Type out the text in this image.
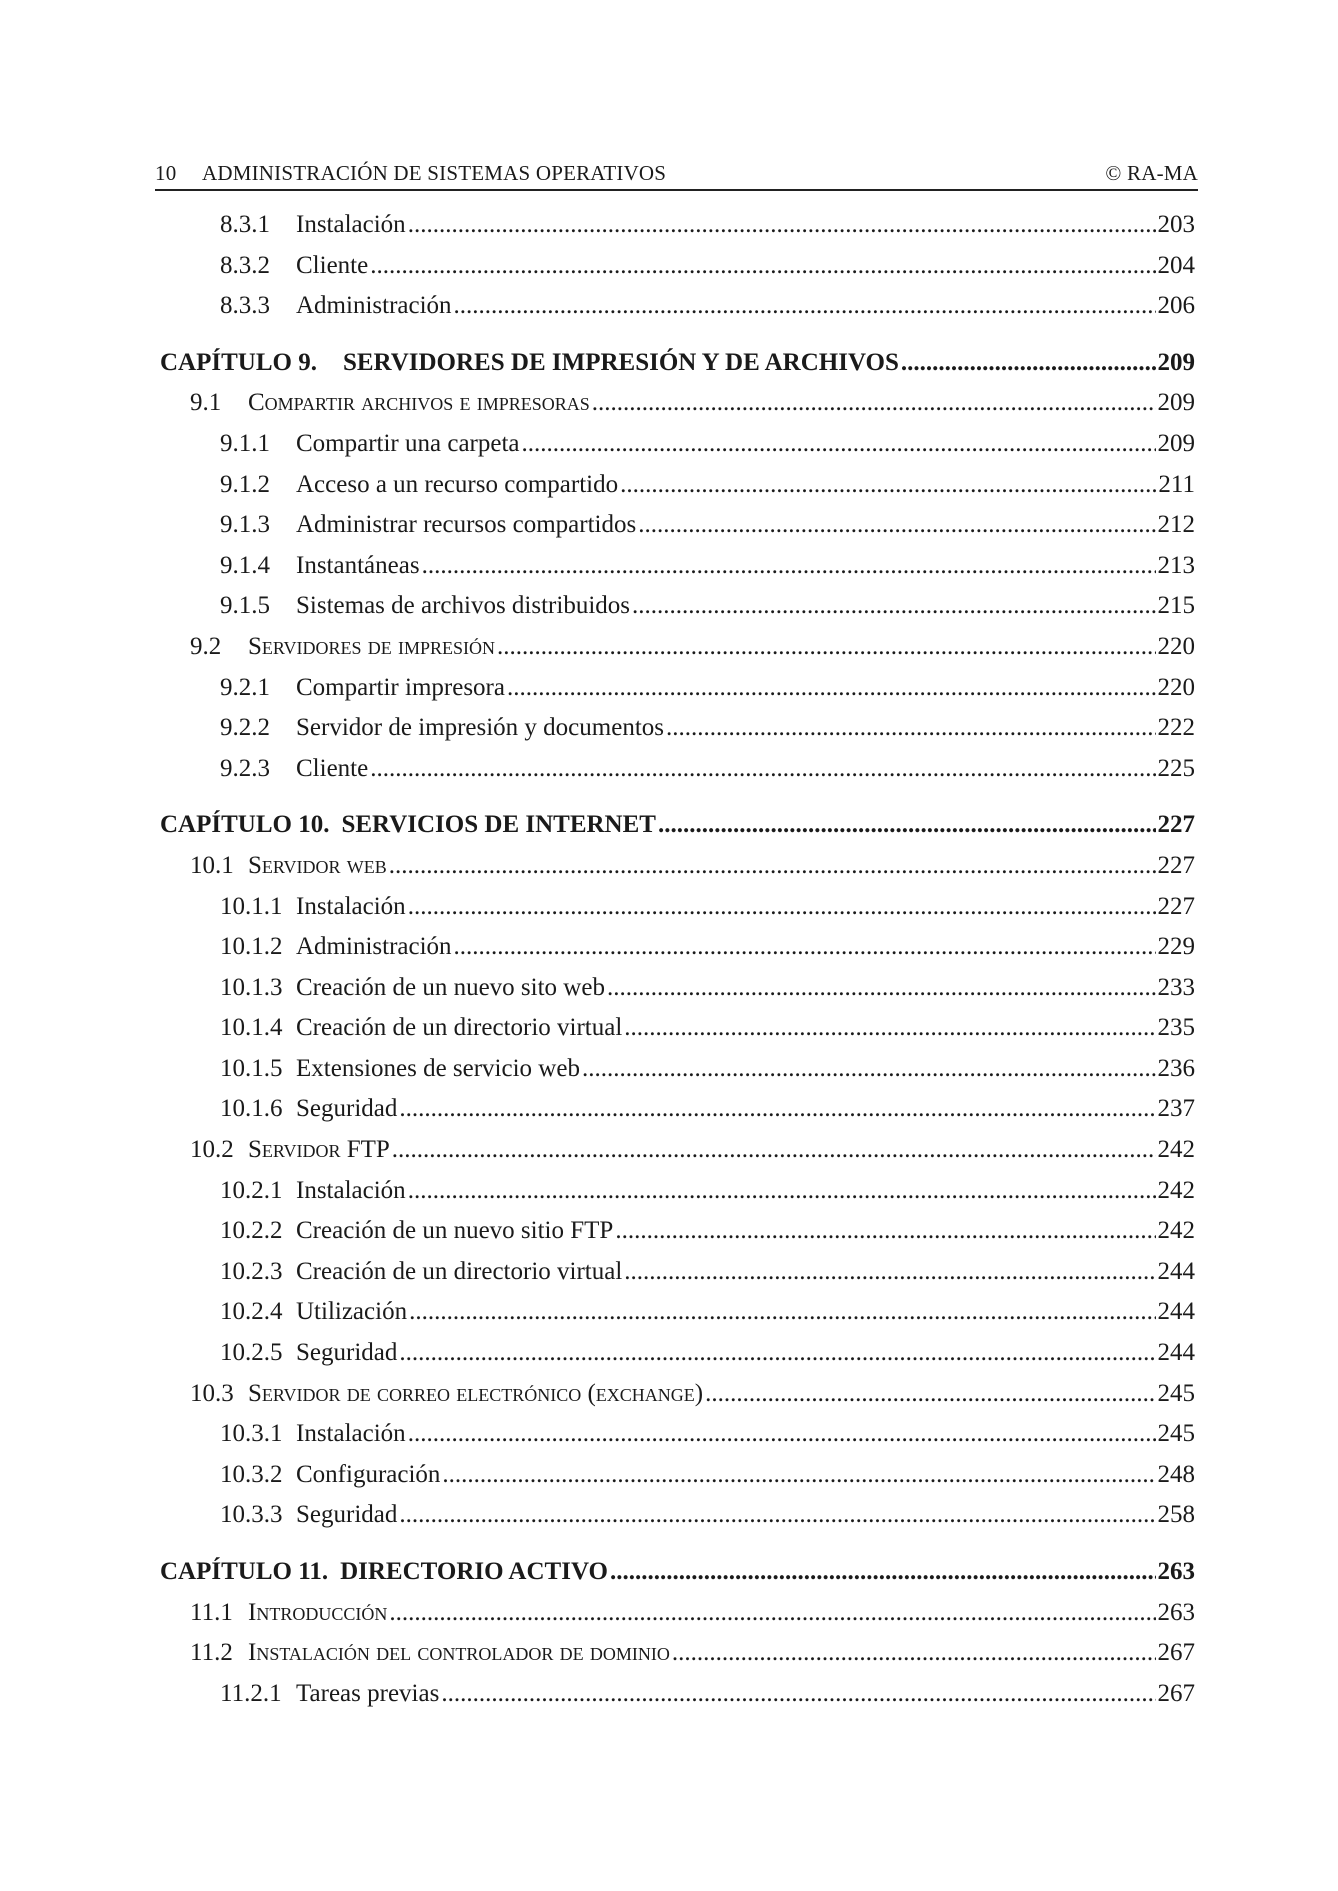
10 ADMINISTRACIÓN DE SISTEMAS OPERATIVOS	© RA-MA
8.3.1	Instalación .....	203
8.3.2	Cliente .....	204
8.3.3	Administración .....	206
CAPÍTULO 9. SERVIDORES DE IMPRESIÓN Y DE ARCHIVOS .....	209
9.1	Compartir archivos e impresoras .....	209
9.1.1	Compartir una carpeta .....	209
9.1.2	Acceso a un recurso compartido .....	211
9.1.3	Administrar recursos compartidos .....	212
9.1.4	Instantáneas .....	213
9.1.5	Sistemas de archivos distribuidos .....	215
9.2	Servidores de impresión .....	220
9.2.1	Compartir impresora .....	220
9.2.2	Servidor de impresión y documentos .....	222
9.2.3	Cliente .....	225
CAPÍTULO 10. SERVICIOS DE INTERNET .....	227
10.1 Servidor web .....	227
10.1.1 Instalación .....	227
10.1.2 Administración .....	229
10.1.3 Creación de un nuevo sito web .....	233
10.1.4 Creación de un directorio virtual .....	235
10.1.5 Extensiones de servicio web .....	236
10.1.6 Seguridad .....	237
10.2 Servidor FTP .....	242
10.2.1 Instalación .....	242
10.2.2 Creación de un nuevo sitio FTP .....	242
10.2.3 Creación de un directorio virtual .....	244
10.2.4 Utilización .....	244
10.2.5 Seguridad .....	244
10.3 Servidor de correo electrónico (exchange) .....	245
10.3.1 Instalación .....	245
10.3.2 Configuración .....	248
10.3.3 Seguridad .....	258
CAPÍTULO 11. DIRECTORIO ACTIVO .....	263
11.1 Introducción .....	263
11.2 Instalación del controlador de dominio .....	267
11.2.1 Tareas previas .....	267
